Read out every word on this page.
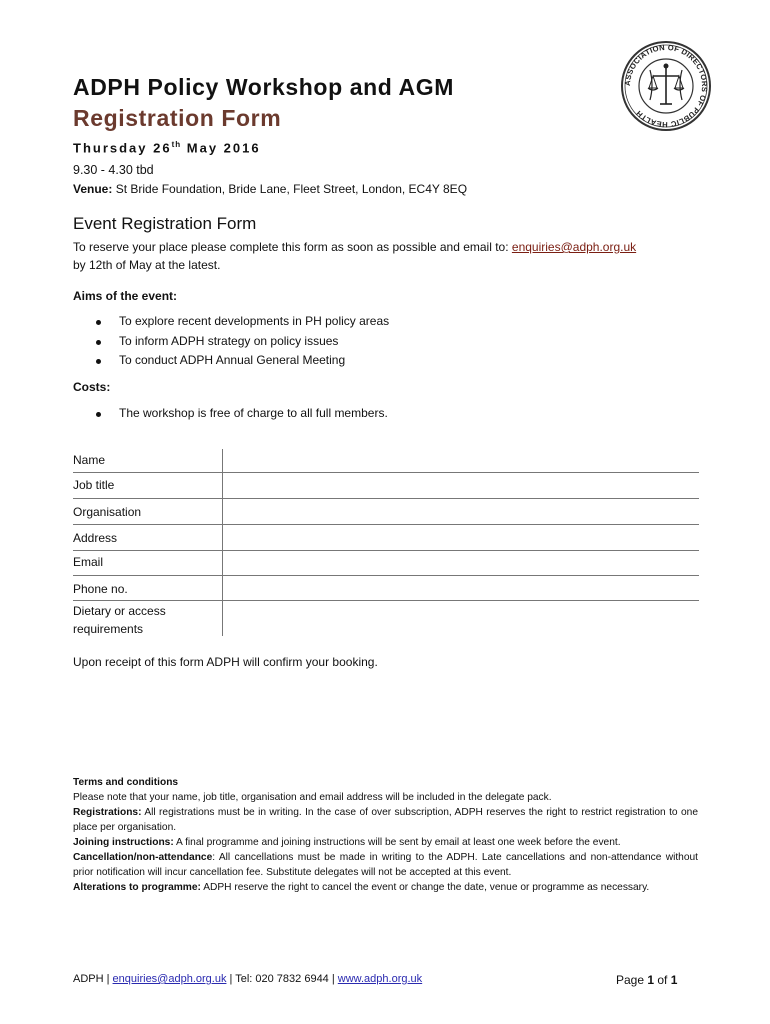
ASSOCIATION OF DIRECTORS OF PUBLIC HEALTH
ADPH Policy Workshop and AGM
Registration Form
Thursday 26th May 2016
9.30 - 4.30 tbd
Venue: St Bride Foundation, Bride Lane, Fleet Street, London, EC4Y 8EQ
Event Registration Form
To reserve your place please complete this form as soon as possible and email to: enquiries@adph.org.uk
by 12th of May at the latest.
Aims of the event:
To explore recent developments in PH policy areas
To inform ADPH strategy on policy issues
To conduct ADPH Annual General Meeting
Costs:
The workshop is free of charge to all full members.
Name
Job title
Organisation
Address
Email
Phone no.
Dietary or access requirements
Upon receipt of this form ADPH will confirm your booking.
Terms and conditions
Please note that your name, job title, organisation and email address will be included in the delegate pack.
Registrations: All registrations must be in writing. In the case of over subscription, ADPH reserves the right to restrict registration to one place per organisation.
Joining instructions: A final programme and joining instructions will be sent by email at least one week before the event.
Cancellation/non-attendance: All cancellations must be made in writing to the ADPH. Late cancellations and non-attendance without prior notification will incur cancellation fee. Substitute delegates will not be accepted at this event.
Alterations to programme: ADPH reserve the right to cancel the event or change the date, venue or programme as necessary.
ADPH | enquiries@adph.org.uk | Tel: 020 7832 6944 | www.adph.org.uk	Page 1 of 1
